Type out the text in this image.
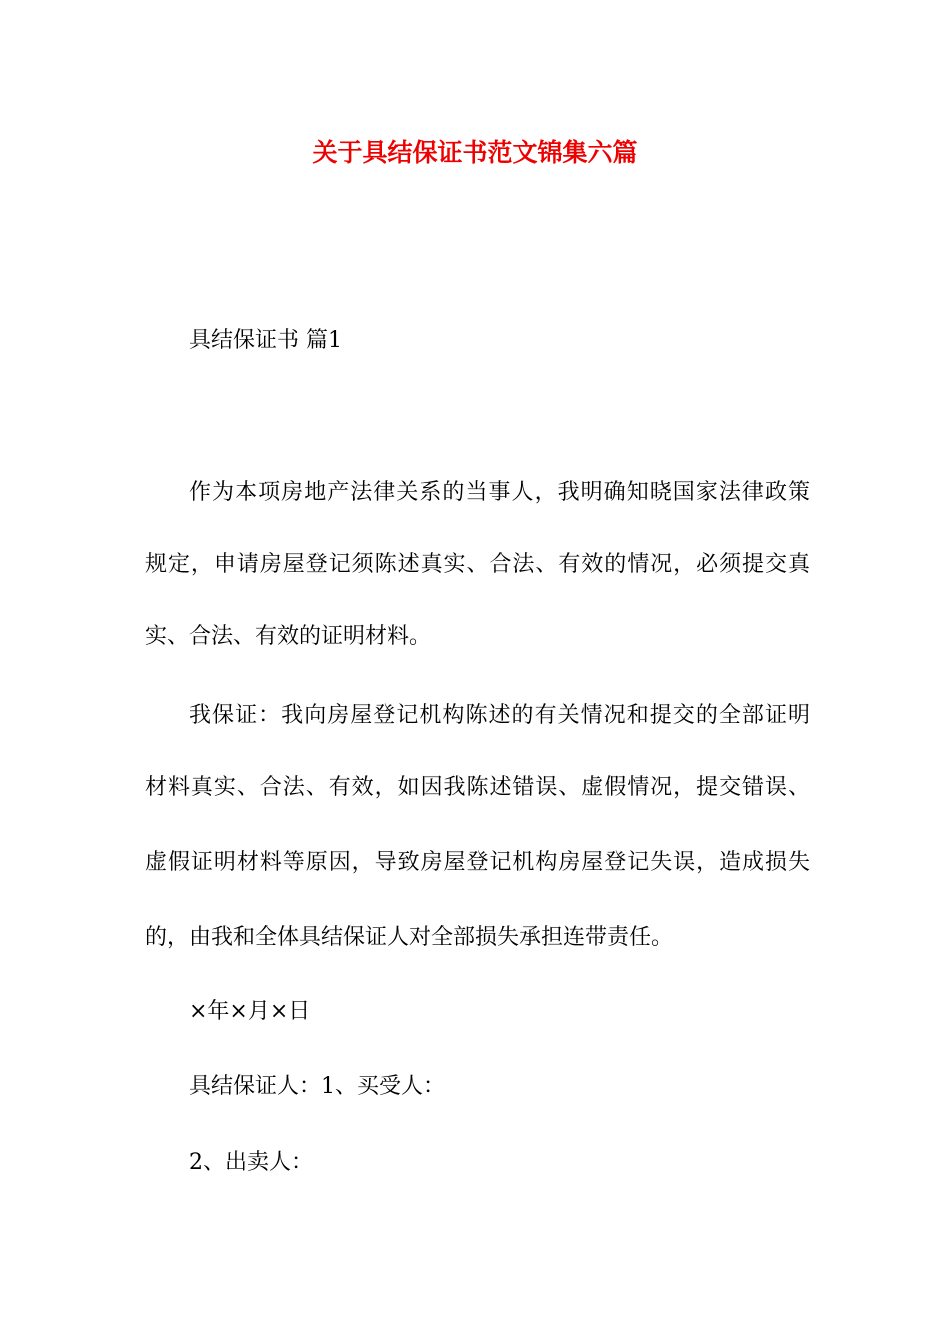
关于具结保证书范文锦集六篇

具结保证书 篇1

作为本项房地产法律关系的当事人，我明确知晓国家法律政策

规定，申请房屋登记须陈述真实、合法、有效的情况，必须提交真

实、合法、有效的证明材料。

我保证：我向房屋登记机构陈述的有关情况和提交的全部证明

材料真实、合法、有效，如因我陈述错误、虚假情况，提交错误、

虚假证明材料等原因，导致房屋登记机构房屋登记失误，造成损失

的，由我和全体具结保证人对全部损失承担连带责任。

×年×月×日

具结保证人：1、买受人：

2、出卖人：
